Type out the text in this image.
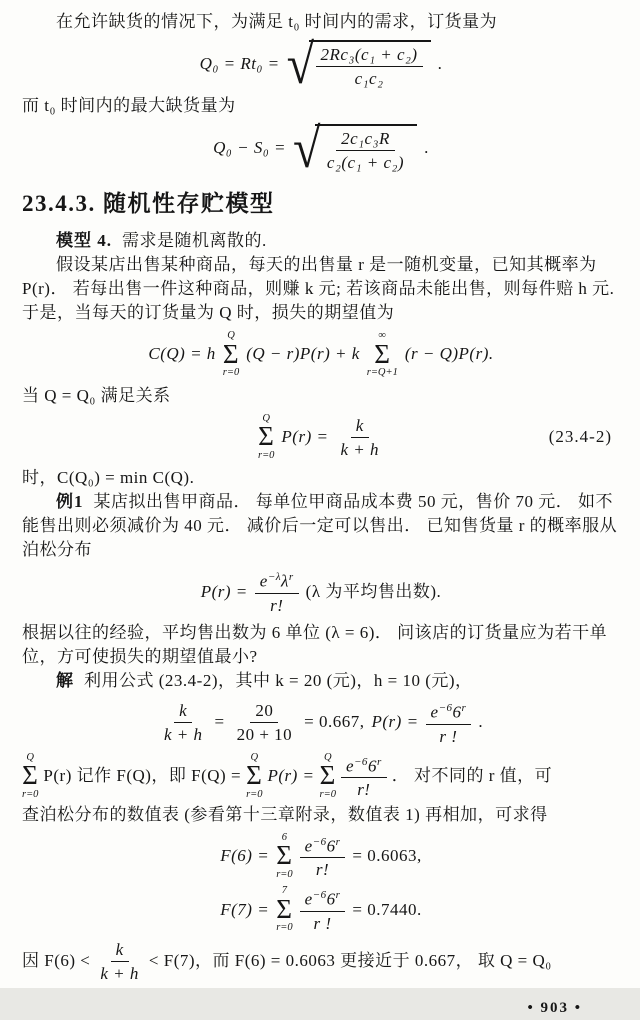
在允许缺货的情况下，为满足 t₀ 时间内的需求，订货量为

Q₀ = Rt₀ = √ $\frac{\text{2Rc₃(c₁ + c₂)}}{\text{c₁c₂}}$ .

而 t₀ 时间内的最大缺货量为

Q₀ − S₀ = √ $\frac{\text{2c₁c₃R}}{\text{c₂(c₁ + c₂)}}$ .
23.4.3. 随机性存贮模型

模型 4. 需求是随机离散的.

假设某店出售某种商品，每天的出售量 r 是一随机变量，已知其概率为

P(r)． 若每出售一件这种商品，则赚 k 元; 若该商品未能出售，则每件赔 h 元.

于是，当每天的订货量为 Q 时，损失的期望值为

C(Q) = h
Q
Σ
r=0
(Q − r)P(r) + k
∞
Σ
r=Q+1
(r − Q)P(r).

当 Q = Q₀ 满足关系

Q
Σ
r=0
$P(r) = \frac{k}{k + h}$	(23.4-2)

时，C(Q₀) = min C(Q).

例1 某店拟出售甲商品． 每单位甲商品成本费 50 元，售价 70 元． 如不

能售出则必须减价为 40 元． 减价后一定可以售出． 已知售货量 r 的概率服从

泊松分布

$P(r) = \frac{e^{-\lambda}\lambda^r}{r!} (\lambda$ 为平均售出数).

根据以往的经验，平均售出数为 6 单位 (λ = 6)． 问该店的订货量应为若干单

位，方可使损失的期望值最小?

解 利用公式 (23.4-2)，其中 k = 20 (元)，h = 10 (元)，

$\frac{k}{k + h} = \frac{20}{20 + 10} = 0.667$, $P(r) = \frac{e^{-6}6^r}{r !}$ .
Q
Σ
r=0
P(r) 记作 F(Q)，即 F(Q) =
Q
Σ
r=0
P(r) =
Q
Σ
$r=0 \frac{e^{-6}6^r}{r!}$ ． 对不同的 r 值，可

查泊松分布的数值表 (参看第十三章附录，数值表 1) 再相加，可求得

F(6) =
6
Σ
$r=0 \frac{e^{-6}6^r}{r!} = 0.6063$,
F(7) =
7
Σ
$r=0 \frac{e^{-6}6^r}{r !} = 0.7440$.
因 $F(6) < \frac{k}{k + h} < F(7)$，而 F(6) = 0.6063 更接近于 0.667， 取 Q = Q₀
• 903 •
